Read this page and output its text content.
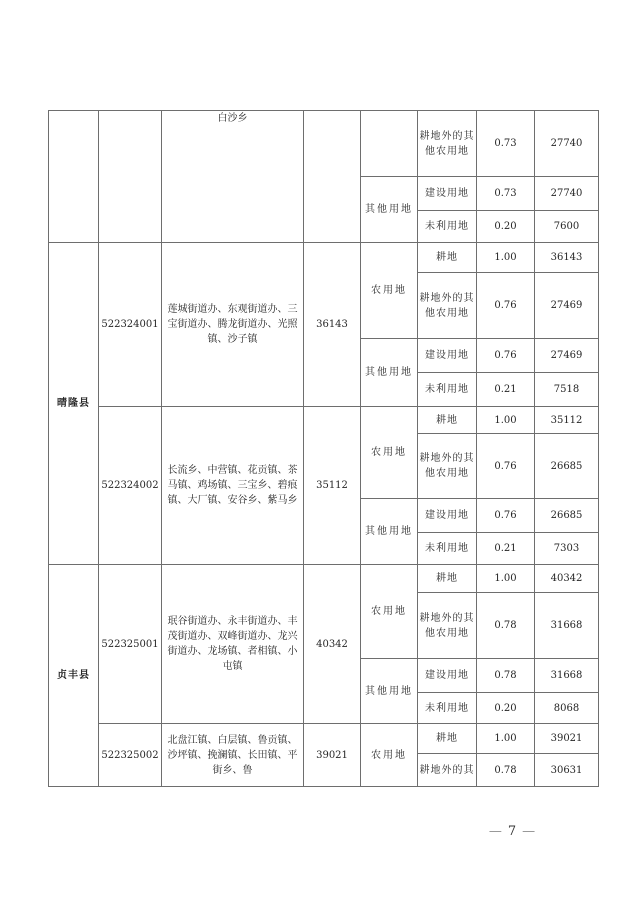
		白沙乡			耕地外的其他农用地	0.73	27740
				其他用地	建设用地	0.73	27740
					未利用地	0.20	7600
晴隆县	522324001	莲城街道办、东观街道办、三宝街道办、腾龙街道办、光照镇、沙子镇	36143	农用地	耕地	1.00	36143
					耕地外的其他农用地	0.76	27469
				其他用地	建设用地	0.76	27469
					未利用地	0.21	7518
	522324002	长流乡、中营镇、花贡镇、茶马镇、鸡场镇、三宝乡、碧痕镇、大厂镇、安谷乡、紫马乡	35112	农用地	耕地	1.00	35112
					耕地外的其他农用地	0.76	26685
				其他用地	建设用地	0.76	26685
					未利用地	0.21	7303
贞丰县	522325001	珉谷街道办、永丰街道办、丰茂街道办、双峰街道办、龙兴街道办、龙场镇、者相镇、小屯镇	40342	农用地	耕地	1.00	40342
					耕地外的其他农用地	0.78	31668
				其他用地	建设用地	0.78	31668
					未利用地	0.20	8068
	522325002	北盘江镇、白层镇、鲁贡镇、沙坪镇、挽澜镇、长田镇、平街乡、鲁	39021	农用地	耕地	1.00	39021
					耕地外的其	0.78	30631
— 7 —
